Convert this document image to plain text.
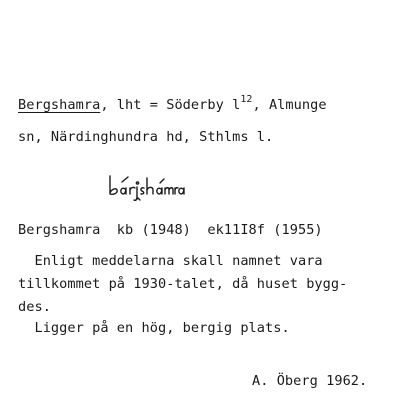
Bergshamra, lht = Söderby $l^{12}$, Almunge
sn, Närdinghundra hd, Sthlms l.
Bergshamra  kb (1948)  ek11I8f (1955)
Enligt meddelarna skall namnet vara
tillkommet på 1930-talet, då huset bygg-
des.
Ligger på en hög, bergig plats.
A. Öberg 1962.
